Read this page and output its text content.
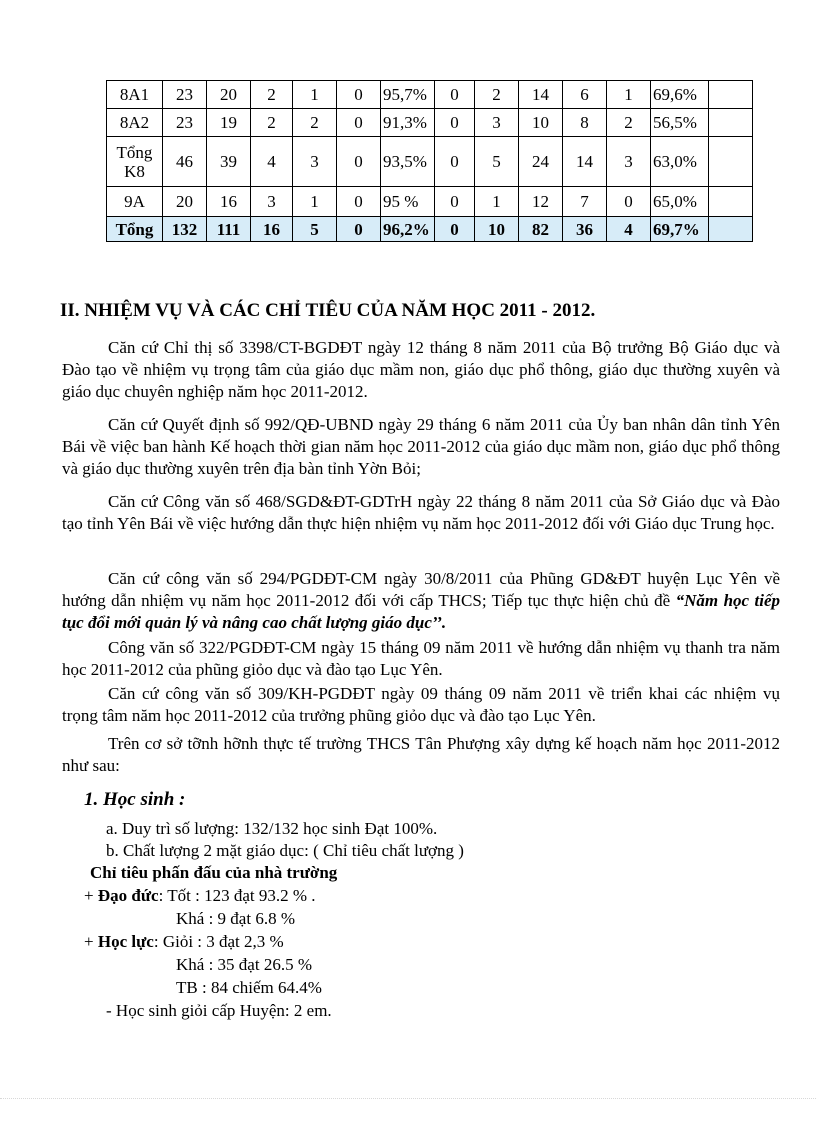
8A1	23	20	2	1	0	95,7%	0	2	14	6	1	69,6%	
8A2	23	19	2	2	0	91,3%	0	3	10	8	2	56,5%	
Tổng K8	46	39	4	3	0	93,5%	0	5	24	14	3	63,0%	
9A	20	16	3	1	0	95 %	0	1	12	7	0	65,0%	
Tổng	132	111	16	5	0	96,2%	0	10	82	36	4	69,7%	
II. NHIỆM VỤ VÀ CÁC CHỈ TIÊU CỦA NĂM HỌC 2011 - 2012.

Căn cứ Chỉ thị số 3398/CT-BGDĐT ngày 12 tháng 8 năm 2011 của Bộ trưởng Bộ Giáo dục và Đào tạo về nhiệm vụ trọng tâm của giáo dục mầm non, giáo dục phổ thông, giáo dục thường xuyên và giáo dục chuyên nghiệp năm học 2011-2012.

Căn cứ Quyết định số 992/QĐ-UBND ngày 29 tháng 6 năm 2011 của Ủy ban nhân dân tỉnh Yên Bái về việc ban hành Kế hoạch thời gian năm học 2011-2012 của giáo dục mầm non, giáo dục phổ thông và giáo dục thường xuyên trên địa bàn tỉnh Yờn Bỏi;

Căn cứ Công văn số 468/SGD&ĐT-GDTrH ngày 22 tháng 8 năm 2011 của Sở Giáo dục và Đào tạo tỉnh Yên Bái về việc hướng dẫn thực hiện nhiệm vụ năm học 2011-2012 đối với Giáo dục Trung học.

Căn cứ công văn số 294/PGDĐT-CM ngày 30/8/2011 của Phũng GD&ĐT huyện Lục Yên về hướng dẫn nhiệm vụ năm học 2011-2012 đối với cấp THCS; Tiếp tục thực hiện chủ đề “Năm học tiếp tục đổi mới quản lý và nâng cao chất lượng giáo dục’’.

Công văn số 322/PGDĐT-CM ngày 15 tháng 09 năm 2011 về hướng dẫn nhiệm vụ thanh tra năm học 2011-2012 của phũng giỏo dục và đào tạo Lục Yên.

Căn cứ công văn số 309/KH-PGDĐT ngày 09 tháng 09 năm 2011 về triển khai các nhiệm vụ trọng tâm năm học 2011-2012 của trưởng phũng giỏo dục và đào tạo Lục Yên.

Trên cơ sở tỡnh hỡnh thực tế trường THCS Tân Phượng xây dựng kế hoạch năm học 2011-2012 như sau:

1. Học sinh :
a. Duy trì số lượng: 132/132 học sinh Đạt 100%.
b. Chất lượng 2 mặt giáo dục: ( Chỉ tiêu chất lượng )
Chỉ tiêu phấn đấu của nhà trường
+ Đạo đức: Tốt : 123 đạt 93.2 % .
Khá : 9 đạt 6.8 %
+ Học lực: Giỏi : 3 đạt 2,3 %
Khá : 35 đạt 26.5 %
TB : 84 chiếm 64.4%
- Học sinh giỏi cấp Huyện: 2 em.
